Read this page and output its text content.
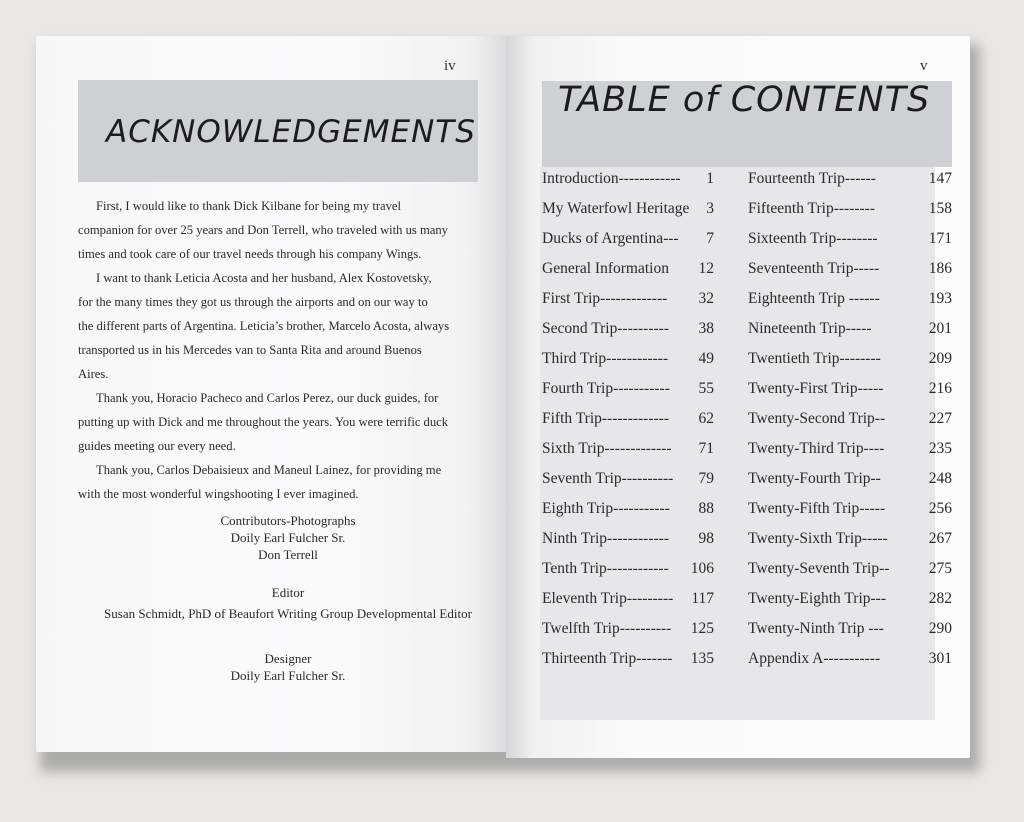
iv
ACKNOWLEDGEMENTS

First, I would like to thank Dick Kilbane for being my travel

companion for over 25 years and Don Terrell, who traveled with us many

times and took care of our travel needs through his company Wings.

I want to thank Leticia Acosta and her husband, Alex Kostovetsky,

for the many times they got us through the airports and on our way to

the different parts of Argentina. Leticia’s brother, Marcelo Acosta, always

transported us in his Mercedes van to Santa Rita and around Buenos

Aires.

Thank you, Horacio Pacheco and Carlos Perez, our duck guides, for

putting up with Dick and me throughout the years. You were terrific duck

guides meeting our every need.

Thank you, Carlos Debaisieux and Maneul Lainez, for providing me

with the most wonderful wingshooting I ever imagined.

Contributors-Photographs
Doily Earl Fulcher Sr.
Don Terrell
Editor
Susan Schmidt, PhD of Beaufort Writing Group Developmental Editor
Designer
Doily Earl Fulcher Sr.
v
TABLE of CONTENTS
Introduction------------ 1 Fourteenth Trip------	147
My Waterfowl Heritage 3 Fifteenth Trip--------	158
Ducks of Argentina--- 7 Sixteenth Trip--------	171
General Information 12 Seventeenth Trip-----	186
First Trip------------- 32 Eighteenth Trip ------	193
Second Trip---------- 38 Nineteenth Trip-----	201
Third Trip------------ 49 Twentieth Trip--------	209
Fourth Trip----------- 55 Twenty-First Trip-----	216
Fifth Trip------------- 62 Twenty-Second Trip--	227
Sixth Trip------------- 71 Twenty-Third Trip----	235
Seventh Trip---------- 79 Twenty-Fourth Trip--	248
Eighth Trip----------- 88 Twenty-Fifth Trip-----	256
Ninth Trip------------ 98 Twenty-Sixth Trip-----	267
Tenth Trip------------ 106 Twenty-Seventh Trip--	275
Eleventh Trip--------- 117 Twenty-Eighth Trip---	282
Twelfth Trip---------- 125 Twenty-Ninth Trip ---	290
Thirteenth Trip------- 135 Appendix A-----------	301
